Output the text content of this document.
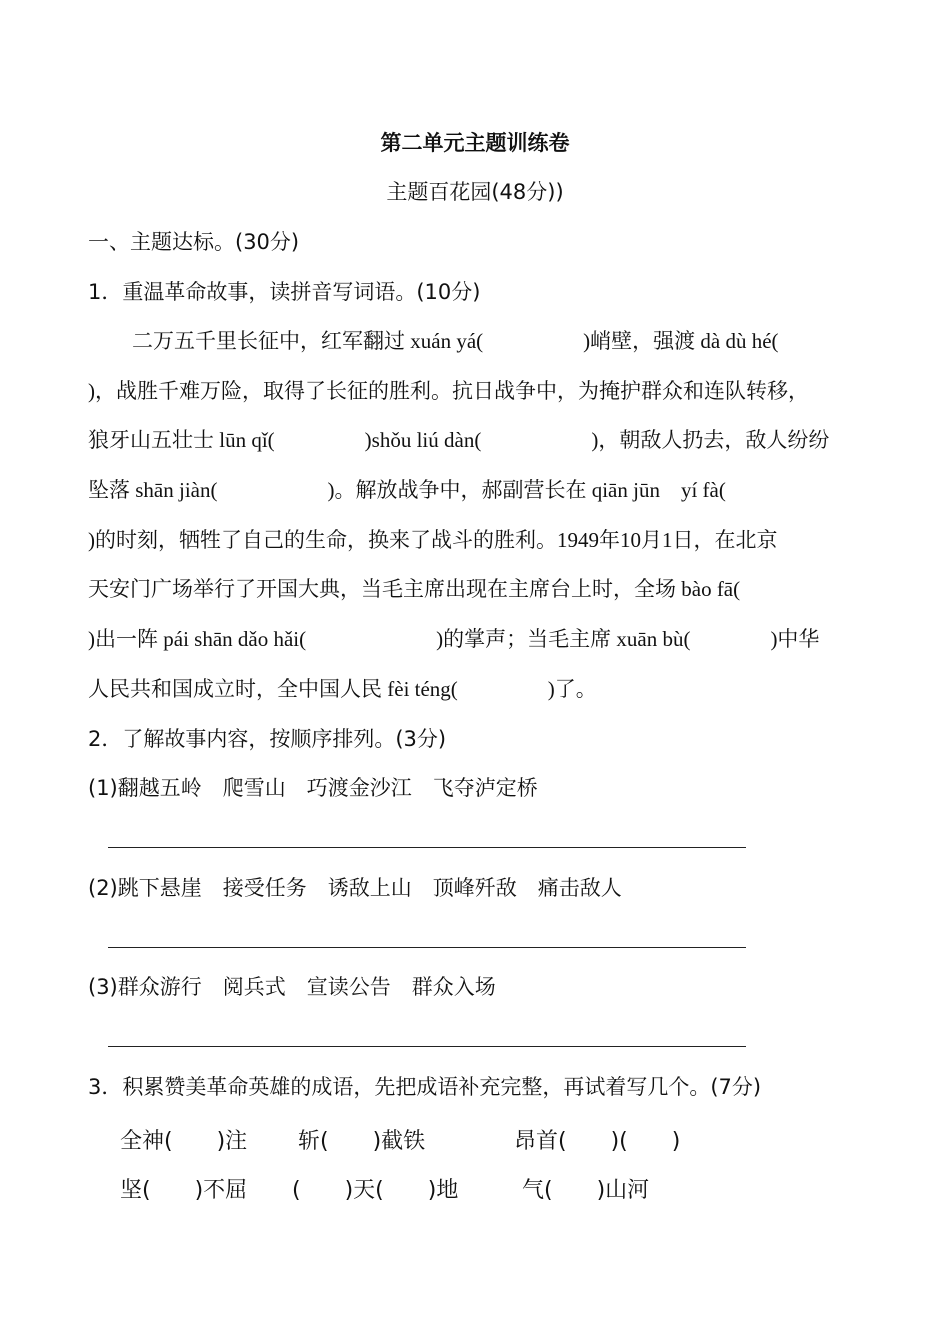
第二单元主题训练卷
主题百花园(48分))
一、主题达标。(30分)
1．重温革命故事，读拼音写词语。(10分)
二万五千里长征中，红军翻过 xuán yá(	)峭壁，强渡 dà dù hé(
)，战胜千难万险，取得了长征的胜利。抗日战争中，为掩护群众和连队转移，
狼牙山五壮士 lūn qǐ(	)shǒu liú dàn(	)，朝敌人扔去，敌人纷纷
坠落 shān jiàn(	)。解放战争中，郝副营长在 qiān jūn　yí fà(
)的时刻，牺牲了自己的生命，换来了战斗的胜利。1949年10月1日，在北京
天安门广场举行了开国大典，当毛主席出现在主席台上时，全场 bào fā(
)出一阵 pái shān dǎo hǎi(	)的掌声；当毛主席 xuān bù(	)中华
人民共和国成立时，全中国人民 fèi téng(	)了。
2．了解故事内容，按顺序排列。(3分)
(1)翻越五岭　爬雪山　巧渡金沙江　飞夺泸定桥
(2)跳下悬崖　接受任务　诱敌上山　顶峰歼敌　痛击敌人
(3)群众游行　阅兵式　宣读公告　群众入场
3．积累赞美革命英雄的成语，先把成语补充完整，再试着写几个。(7分)
全神(　　)注 斩(　　)截铁	昂首(　　)(　　)
坚(　　)不屈 (　　)天(　　)地	气(　　)山河
